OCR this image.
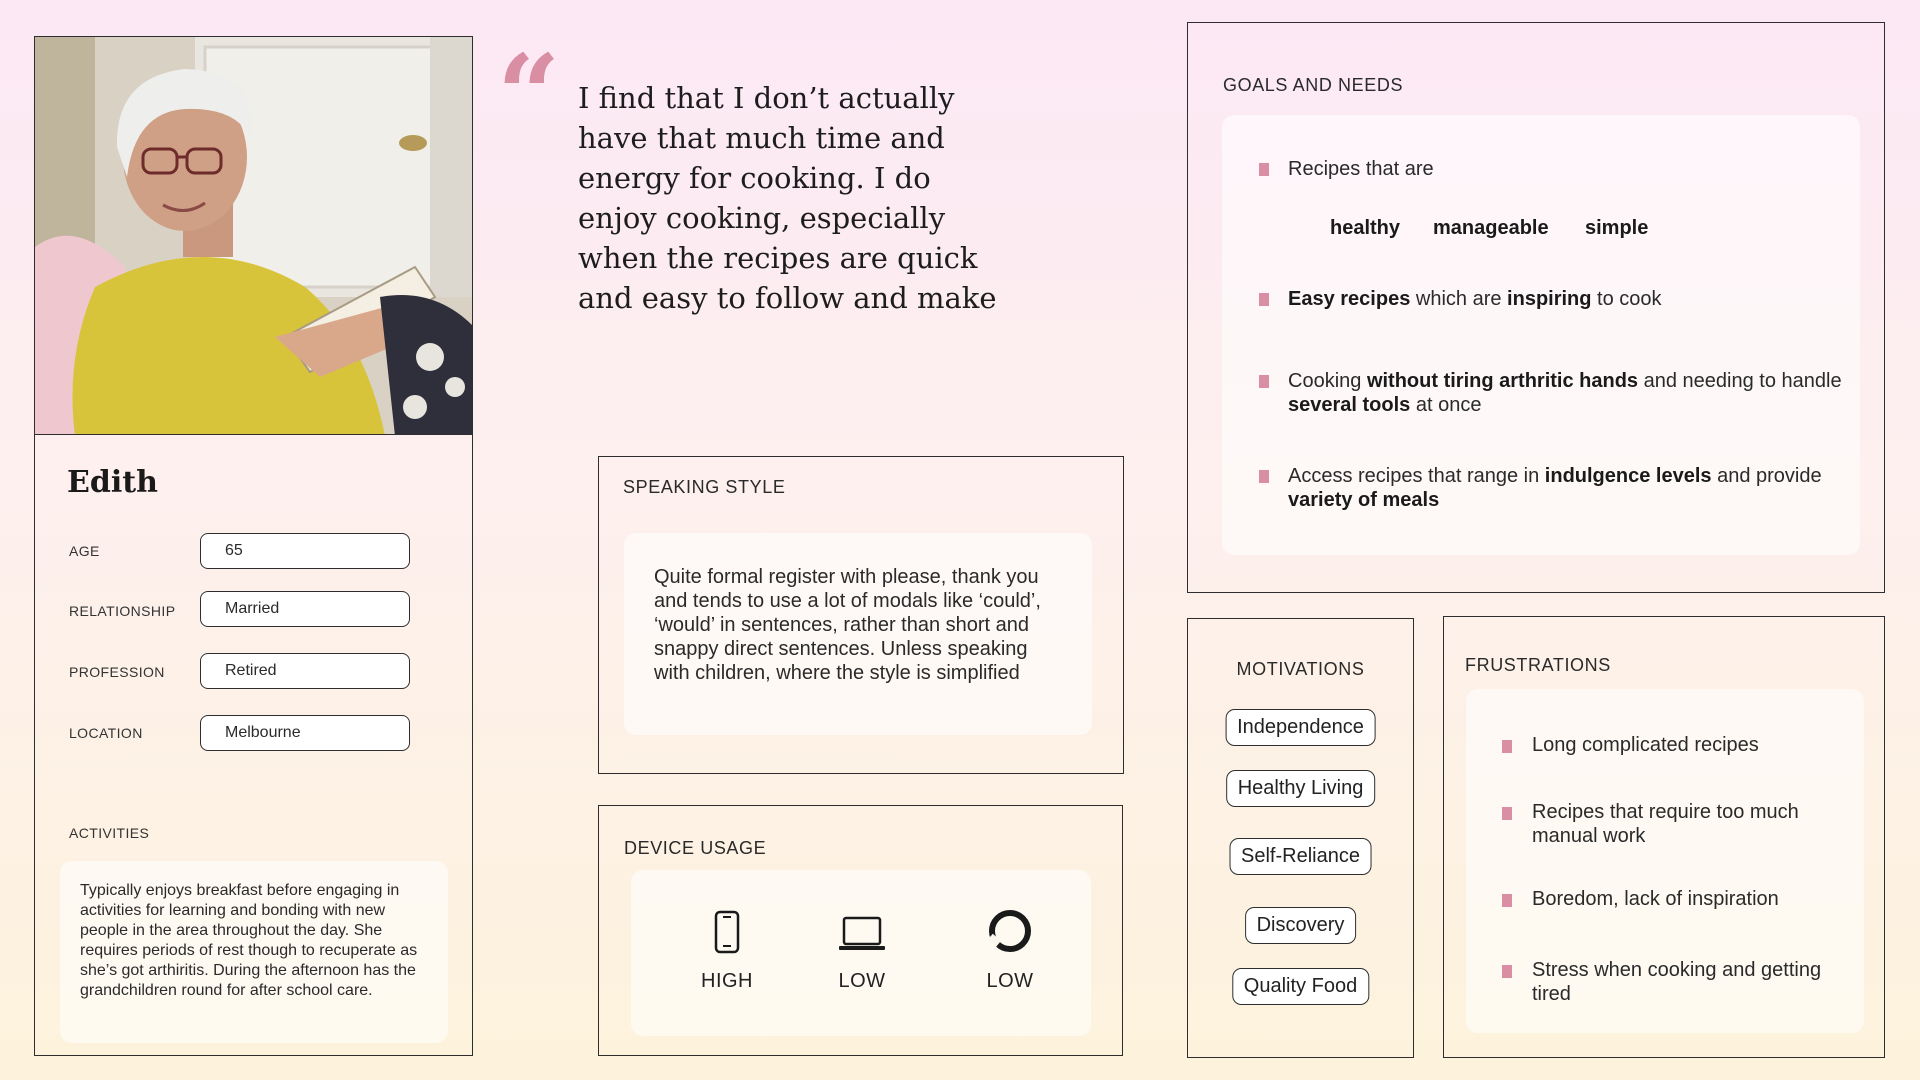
Edith
AGE	65
RELATIONSHIP	Married
PROFESSION	Retired
LOCATION	Melbourne
ACTIVITIES
Typically enjoys breakfast before engaging in activities for learning and bonding with new people in the area throughout the day. She requires periods of rest though to recuperate as she’s got arthiritis. During the afternoon has the grandchildren round for after school care.
“ I find that I don’t actually have that much time and energy for cooking. I do enjoy cooking, especially when the recipes are quick and easy to follow and make
SPEAKING STYLE
Quite formal register with please, thank you and tends to use a lot of modals like ‘could’, ‘would’ in sentences, rather than short and snappy direct sentences. Unless speaking with children, where the style is simplified
DEVICE USAGE
HIGH	LOW	LOW
GOALS AND NEEDS
Recipes that are
healthy manageable simple
Easy recipes which are inspiring to cook
Cooking without tiring arthritic hands and needing to handle several tools at once
Access recipes that range in indulgence levels and provide variety of meals
MOTIVATIONS
Independence
Healthy Living
Self-Reliance
Discovery
Quality Food
FRUSTRATIONS
Long complicated recipes
Recipes that require too much manual work
Boredom, lack of inspiration
Stress when cooking and getting tired
